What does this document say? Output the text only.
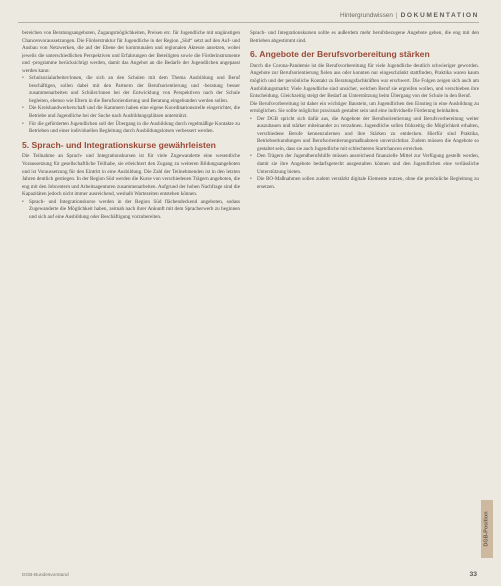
Hintergrundwissen | DOKUMENTATION

bereichen von Beratungsangeboten, Zugangsmöglichkeiten, Preisen etc. für Jugendliche mit ungünstigen Chancenvoraussetzungen. Die Förderstruktur für Jugendliche in der Region „Süd“ setzt auf den Auf- und Ausbau von Netzwerken, die auf der Ebene der kommunalen und regionalen Akteure ansetzen, wobei jeweils die unterschiedlichen Perspektiven und Erfahrungen der Beteiligten sowie die Förderinstrumente und -programme berücksichtigt werden, damit das Angebot an die Bedarfe der Jugendlichen angepasst werden kann:

• Schulsozialarbeiter/innen, die sich an den Schulen mit dem Thema Ausbildung und Beruf beschäftigen, sollen dabei mit den Partnern der Berufsorientierung und -beratung besser zusammenarbeiten und Schüler/innen bei der Entwicklung von Perspektiven nach der Schule begleiten, ebenso wie Eltern in die Berufsorientierung und Beratung eingebunden werden sollen.
• Die Kreishandwerkerschaft und die Kammern haben eine eigene Koordinationsstelle eingerichtet, die Betriebe und Jugendliche bei der Suche nach Ausbildungsplätzen unterstützt.
• Für die geförderten Jugendlichen soll der Übergang in die Ausbildung durch regelmäßige Kontakte zu Betrieben und einer individuellen Begleitung durch Ausbildungslotsen verbessert werden.
5. Sprach- und Integrationskurse gewährleisten

Die Teilnahme an Sprach- und Integrationskursen ist für viele Zugewanderte eine wesentliche Voraussetzung für gesellschaftliche Teilhabe, sie erleichtert den Zugang zu weiteren Bildungsangeboten und ist Voraussetzung für den Eintritt in eine Ausbildung. Die Zahl der Teilnehmenden ist in den letzten Jahren deutlich gestiegen. In der Region Süd werden die Kurse von verschiedenen Trägern angeboten, die eng mit den Jobcentern und Arbeitsagenturen zusammenarbeiten. Aufgrund der hohen Nachfrage sind die Kapazitäten jedoch nicht immer ausreichend, weshalb Wartezeiten entstehen können.

• Sprach- und Integrationskurse werden in der Region Süd flächendeckend angeboten, sodass Zugewanderte die Möglichkeit haben, zeitnah nach ihrer Ankunft mit dem Spracherwerb zu beginnen und sich auf eine Ausbildung oder Beschäftigung vorzubereiten.

Sprach- und Integrationskursen sollte es außerdem mehr berufsbezogene Angebote geben, die eng mit den Betrieben abgestimmt sind.

6. Angebote der Berufsvorbereitung stärken

Durch die Corona-Pandemie ist die Berufsvorbereitung für viele Jugendliche deutlich schwieriger geworden. Angebote zur Berufsorientierung fielen aus oder konnten nur eingeschränkt stattfinden, Praktika waren kaum möglich und der persönliche Kontakt zu Beratungsfachkräften war erschwert. Die Folgen zeigen sich auch am Ausbildungsmarkt: Viele Jugendliche sind unsicher, welchen Beruf sie ergreifen wollen, und verschieben ihre Entscheidung. Gleichzeitig steigt der Bedarf an Unterstützung beim Übergang von der Schule in den Beruf.

Die Berufsvorbereitung ist daher ein wichtiger Baustein, um Jugendlichen den Einstieg in eine Ausbildung zu ermöglichen. Sie sollte möglichst praxisnah gestaltet sein und eine individuelle Förderung beinhalten.

• Der DGB spricht sich dafür aus, die Angebote der Berufsorientierung und Berufsvorbereitung weiter auszubauen und stärker miteinander zu verzahnen. Jugendliche sollen frühzeitig die Möglichkeit erhalten, verschiedene Berufe kennenzulernen und ihre Stärken zu entdecken. Hierfür sind Praktika, Betriebserkundungen und Berufsorientierungsmaßnahmen unverzichtbar. Zudem müssen die Angebote so gestaltet sein, dass sie auch Jugendliche mit schlechteren Startchancen erreichen.
• Den Trägern der Jugendberufshilfe müssen ausreichend finanzielle Mittel zur Verfügung gestellt werden, damit sie ihre Angebote bedarfsgerecht ausgestalten können und den Jugendlichen eine verlässliche Unterstützung bieten.
• Die BO-Maßnahmen sollen zudem verstärkt digitale Elemente nutzen, ohne die persönliche Begleitung zu ersetzen.
DGB-Bundesvorstand	33
DGB-Position
